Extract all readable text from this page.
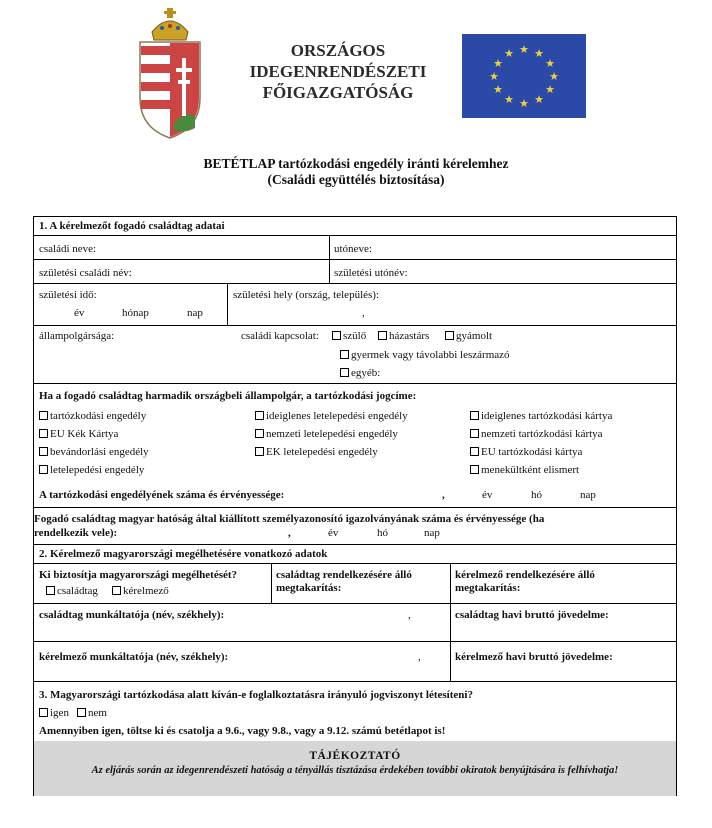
ORSZÁGOS
IDEGENRENDÉSZETI
FŐIGAZGATÓSÁG
★ ★
★
★
★
★
★
★
★
★
★
★
BETÉTLAP tartózkodási engedély iránti kérelemhez
(Családi együttélés biztosítása)
1. A kérelmezőt fogadó családtag adatai
családi neve:	utóneve:
születési családi név:	születési utónév:
születési idő:
év	hónap	nap
születési hely (ország, település):
,
állampolgársága:	családi kapcsolat:	szülő	házastárs	gyámolt
gyermek vagy távolabbi leszármazó
egyéb:
Ha a fogadó családtag harmadik országbeli állampolgár, a tartózkodási jogcíme:
tartózkodási engedély
EU Kék Kártya
bevándorlási engedély
letelepedési engedély
ideiglenes letelepedési engedély
nemzeti letelepedési engedély
EK letelepedési engedély
ideiglenes tartózkodási kártya
nemzeti tartózkodási kártya
EU tartózkodási kártya
menekültként elismert
A tartózkodási engedélyének száma és érvényessége:	,	év	hó	nap
Fogadó családtag magyar hatóság által kiállított személyazonosító igazolványának száma és érvényessége (ha
rendelkezik vele):	,	év	hó	nap
2. Kérelmező magyarországi megélhetésére vonatkozó adatok
Ki biztosítja magyarországi megélhetését?
családtag	kérelmező
családtag rendelkezésére álló megtakarítás:
kérelmező rendelkezésére álló megtakarítás:
családtag munkáltatója (név, székhely):	,	családtag havi bruttó jövedelme:
kérelmező munkáltatója (név, székhely):	,	kérelmező havi bruttó jövedelme:
3. Magyarországi tartózkodása alatt kíván-e foglalkoztatásra irányuló jogviszonyt létesíteni?
igen	nem
Amennyiben igen, töltse ki és csatolja a 9.6., vagy 9.8., vagy a 9.12. számú betétlapot is!
TÁJÉKOZTATÓ
Az eljárás során az idegenrendészeti hatóság a tényállás tisztázása érdekében további okiratok benyújtására is felhívhatja!
